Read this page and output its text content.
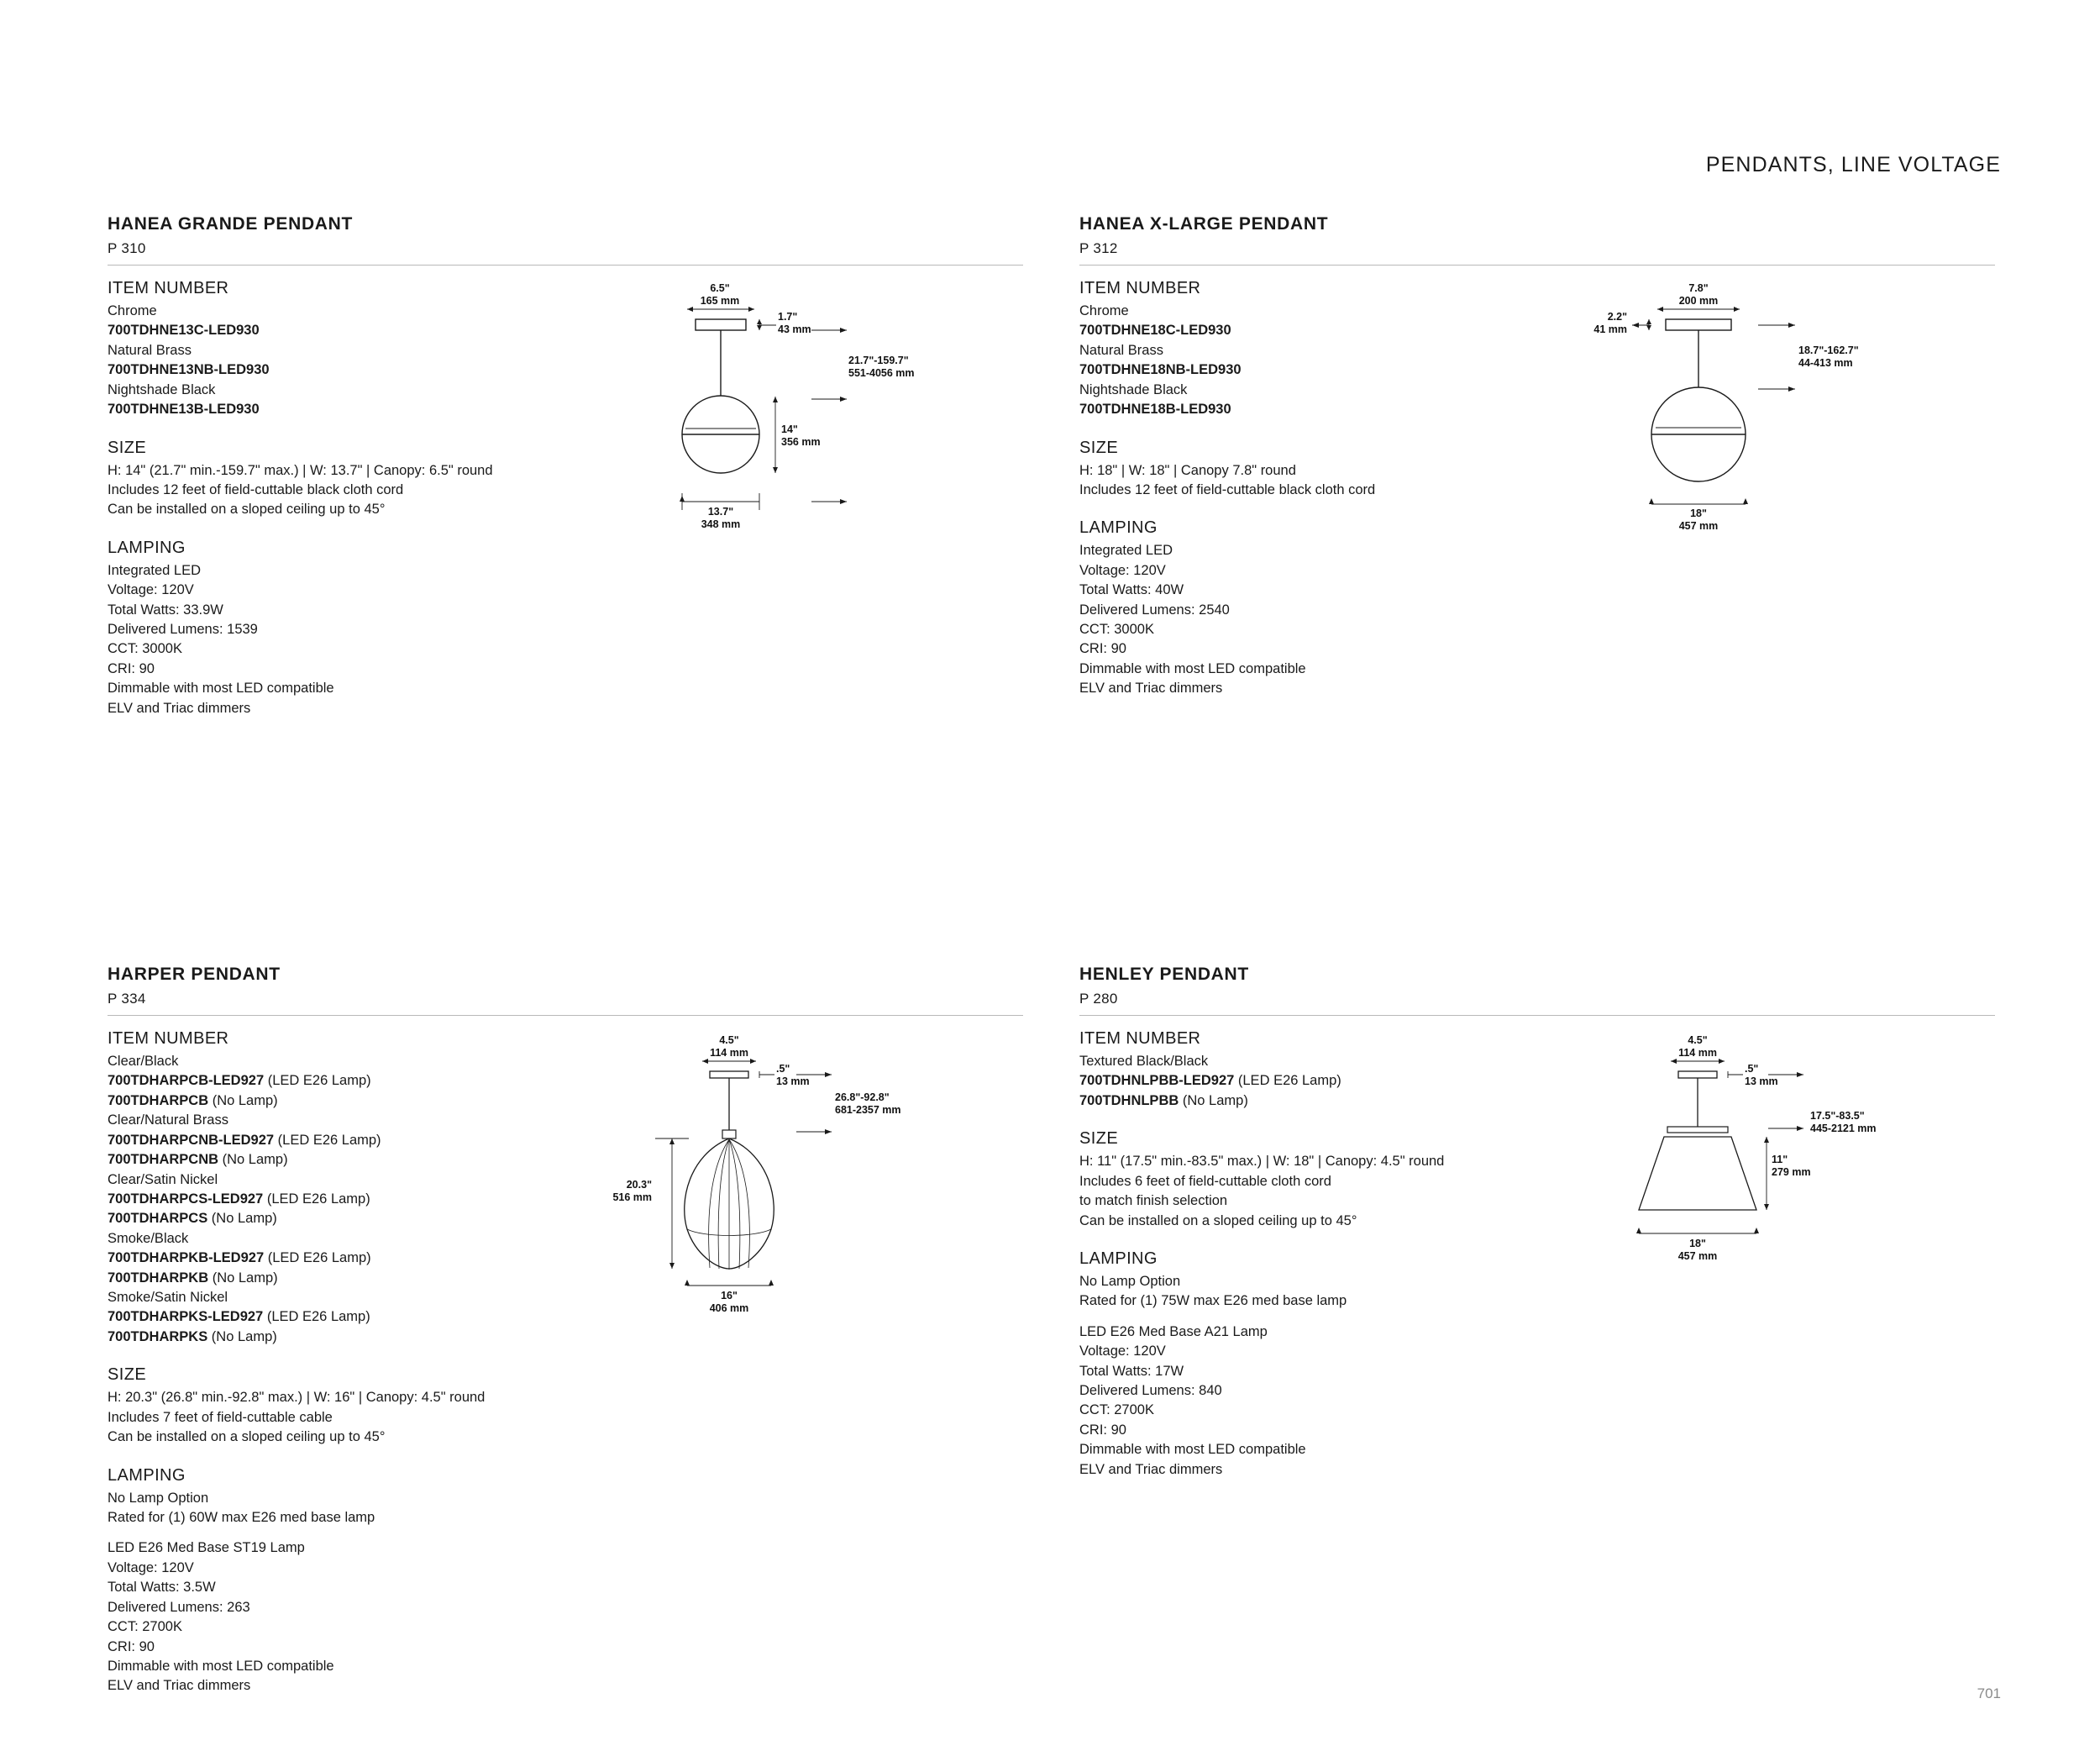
PENDANTS, LINE VOLTAGE
HANEA GRANDE PENDANT
P 310
ITEM NUMBER
Chrome
700TDHNE13C-LED930
Natural Brass
700TDHNE13NB-LED930
Nightshade Black
700TDHNE13B-LED930
SIZE
H: 14ʺ (21.7ʺ min.-159.7ʺ max.) | W: 13.7ʺ | Canopy: 6.5ʺ round
Includes 12 feet of field-cuttable black cloth cord
Can be installed on a sloped ceiling up to 45°
LAMPING
Integrated LED
Voltage: 120V
Total Watts: 33.9W
Delivered Lumens: 1539
CCT: 3000K
CRI: 90
Dimmable with most LED compatible
ELV and Triac dimmers
6.5ʺ
165 mm
1.7ʺ
43 mm
21.7ʺ-159.7ʺ
551-4056 mm
14ʺ
356 mm
13.7ʺ
348 mm
HANEA X-LARGE PENDANT
P 312
ITEM NUMBER
Chrome
700TDHNE18C-LED930
Natural Brass
700TDHNE18NB-LED930
Nightshade Black
700TDHNE18B-LED930
SIZE
H: 18ʺ | W: 18ʺ | Canopy 7.8ʺ round
Includes 12 feet of field-cuttable black cloth cord
LAMPING
Integrated LED
Voltage: 120V
Total Watts: 40W
Delivered Lumens: 2540
CCT: 3000K
CRI: 90
Dimmable with most LED compatible
ELV and Triac dimmers
7.8ʺ
200 mm
2.2ʺ
41 mm
18.7ʺ-162.7ʺ
44-413 mm
18ʺ
457 mm
HARPER PENDANT
P 334
ITEM NUMBER
Clear/Black
700TDHARPCB-LED927 (LED E26 Lamp)
700TDHARPCB (No Lamp)
Clear/Natural Brass
700TDHARPCNB-LED927 (LED E26 Lamp)
700TDHARPCNB (No Lamp)
Clear/Satin Nickel
700TDHARPCS-LED927 (LED E26 Lamp)
700TDHARPCS (No Lamp)
Smoke/Black
700TDHARPKB-LED927 (LED E26 Lamp)
700TDHARPKB (No Lamp)
Smoke/Satin Nickel
700TDHARPKS-LED927 (LED E26 Lamp)
700TDHARPKS (No Lamp)
SIZE
H: 20.3ʺ (26.8ʺ min.-92.8ʺ max.) | W: 16ʺ | Canopy: 4.5ʺ round
Includes 7 feet of field-cuttable cable
Can be installed on a sloped ceiling up to 45°
LAMPING
No Lamp Option
Rated for (1) 60W max E26 med base lamp
LED E26 Med Base ST19 Lamp
Voltage: 120V
Total Watts: 3.5W
Delivered Lumens: 263
CCT: 2700K
CRI: 90
Dimmable with most LED compatible
ELV and Triac dimmers
4.5ʺ
114 mm
.5ʺ
13 mm
26.8ʺ-92.8ʺ
681-2357 mm
20.3ʺ
516 mm
16ʺ
406 mm
HENLEY PENDANT
P 280
ITEM NUMBER
Textured Black/Black
700TDHNLPBB-LED927 (LED E26 Lamp)
700TDHNLPBB (No Lamp)
SIZE
H: 11ʺ (17.5ʺ min.-83.5ʺ max.) | W: 18ʺ | Canopy: 4.5ʺ round
Includes 6 feet of field-cuttable cloth cord
to match finish selection
Can be installed on a sloped ceiling up to 45°
LAMPING
No Lamp Option
Rated for (1) 75W max E26 med base lamp
LED E26 Med Base A21 Lamp
Voltage: 120V
Total Watts: 17W
Delivered Lumens: 840
CCT: 2700K
CRI: 90
Dimmable with most LED compatible
ELV and Triac dimmers
4.5ʺ
114 mm
.5ʺ
13 mm
17.5ʺ-83.5ʺ
445-2121 mm
11ʺ
279 mm
18ʺ
457 mm
701
